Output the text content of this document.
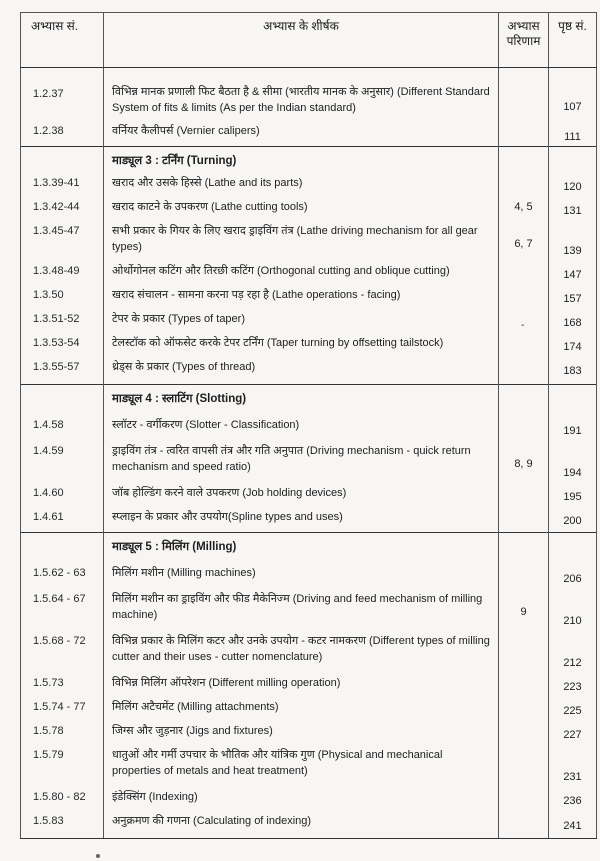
अभ्यास सं.	अभ्यास के शीर्षक	अभ्यास परिणाम	पृष्ठ सं.
1.2.37	विभिन्न मानक प्रणाली फिट बैठता है & सीमा (भारतीय मानक के अनुसार) (Different Standard System of fits & limits (As per the Indian standard)		107
1.2.38	वर्नियर कैलीपर्स (Vernier calipers)		111
	माड्यूल 3 : टर्निंग (Turning)		
1.3.39-41	खराद और उसके हिस्से (Lathe and its parts)		120
1.3.42-44	खराद काटने के उपकरण (Lathe cutting tools)	4, 5	131
1.3.45-47	सभी प्रकार के गियर के लिए खराद ड्राइविंग तंत्र (Lathe driving mechanism for all gear types)	6, 7	139
1.3.48-49	ओर्थोगोनल कटिंग और तिरछी कटिंग (Orthogonal cutting and oblique cutting)		147
1.3.50	खराद संचालन - सामना करना पड़ रहा है (Lathe operations - facing)		157
1.3.51-52	टेपर के प्रकार (Types of taper)		168
1.3.53-54	टेलस्टॉक को ऑफसेट करके टेपर टर्निंग (Taper turning by offsetting tailstock)	-	174
1.3.55-57	थ्रेड्स के प्रकार (Types of thread)		183
	माड्यूल 4 : स्लाटिंग (Slotting)		
1.4.58	स्लॉटर - वर्गीकरण (Slotter - Classification)		191
1.4.59	ड्राइविंग तंत्र - त्वरित वापसी तंत्र और गति अनुपात (Driving mechanism - quick return mechanism and speed ratio)	8, 9	194
1.4.60	जॉब होल्डिंग करने वाले उपकरण (Job holding devices)		195
1.4.61	स्प्लाइन के प्रकार और उपयोग(Spline types and uses)		200
	माड्यूल 5 : मिलिंग (Milling)		
1.5.62 - 63	मिलिंग मशीन (Milling machines)		206
1.5.64 - 67	मिलिंग मशीन का ड्राइविंग और फीड मैकेनिज्म (Driving and feed mechanism of milling machine)	9	210
1.5.68 - 72	विभिन्न प्रकार के मिलिंग कटर और उनके उपयोग - कटर नामकरण (Different types of milling cutter and their uses - cutter nomenclature)		212
1.5.73	विभिन्न मिलिंग ऑपरेशन (Different milling operation)		223
1.5.74 - 77	मिलिंग अटैचमेंट (Milling attachments)		225
1.5.78	जिग्स और जुड़नार (Jigs and fixtures)		227
1.5.79	धातुओं और गर्मी उपचार के भौतिक और यांत्रिक गुण (Physical and mechanical properties of metals and heat treatment)		231
1.5.80 - 82	इंडेक्सिंग (Indexing)		236
1.5.83	अनुक्रमण की गणना (Calculating of indexing)		241
